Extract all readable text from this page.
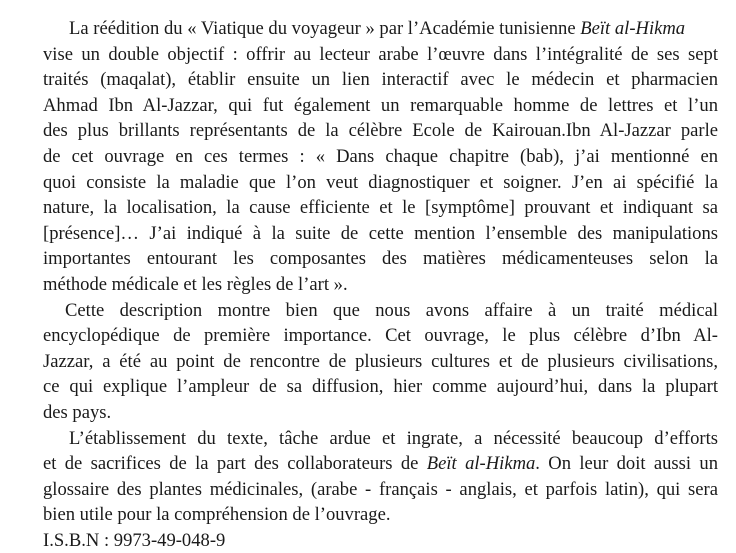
La réédition du « Viatique du voyageur » par l’Académie tunisienne Beït al-Hikma
vise un double objectif : offrir au lecteur arabe l’œuvre dans l’intégralité de ses sept
traités (maqalat), établir ensuite un lien interactif avec le médecin et pharmacien
Ahmad Ibn Al-Jazzar, qui fut également un remarquable homme de lettres et l’un
des plus brillants représentants de la célèbre Ecole de Kairouan.Ibn Al-Jazzar parle
de cet ouvrage en ces termes : « Dans chaque chapitre (bab), j’ai mentionné en
quoi consiste la maladie que l’on veut diagnostiquer et soigner. J’en ai spécifié la
nature, la localisation, la cause efficiente et le [symptôme] prouvant et indiquant sa
[présence]… J’ai indiqué à la suite de cette mention l’ensemble des manipulations
importantes entourant les composantes des matières médicamenteuses selon la
méthode médicale et les règles de l’art ».
Cette description montre bien que nous avons affaire à un traité médical
encyclopédique de première importance. Cet ouvrage, le plus célèbre d’Ibn Al-
Jazzar, a été au point de rencontre de plusieurs cultures et de plusieurs civilisations,
ce qui explique l’ampleur de sa diffusion, hier comme aujourd’hui, dans la plupart
des pays.
L’établissement du texte, tâche ardue et ingrate, a nécessité beaucoup d’efforts
et de sacrifices de la part des collaborateurs de Beït al-Hikma. On leur doit aussi un
glossaire des plantes médicinales, (arabe - français - anglais, et parfois latin), qui sera
bien utile pour la compréhension de l’ouvrage.
I.S.B.N : 9973-49-048-9
